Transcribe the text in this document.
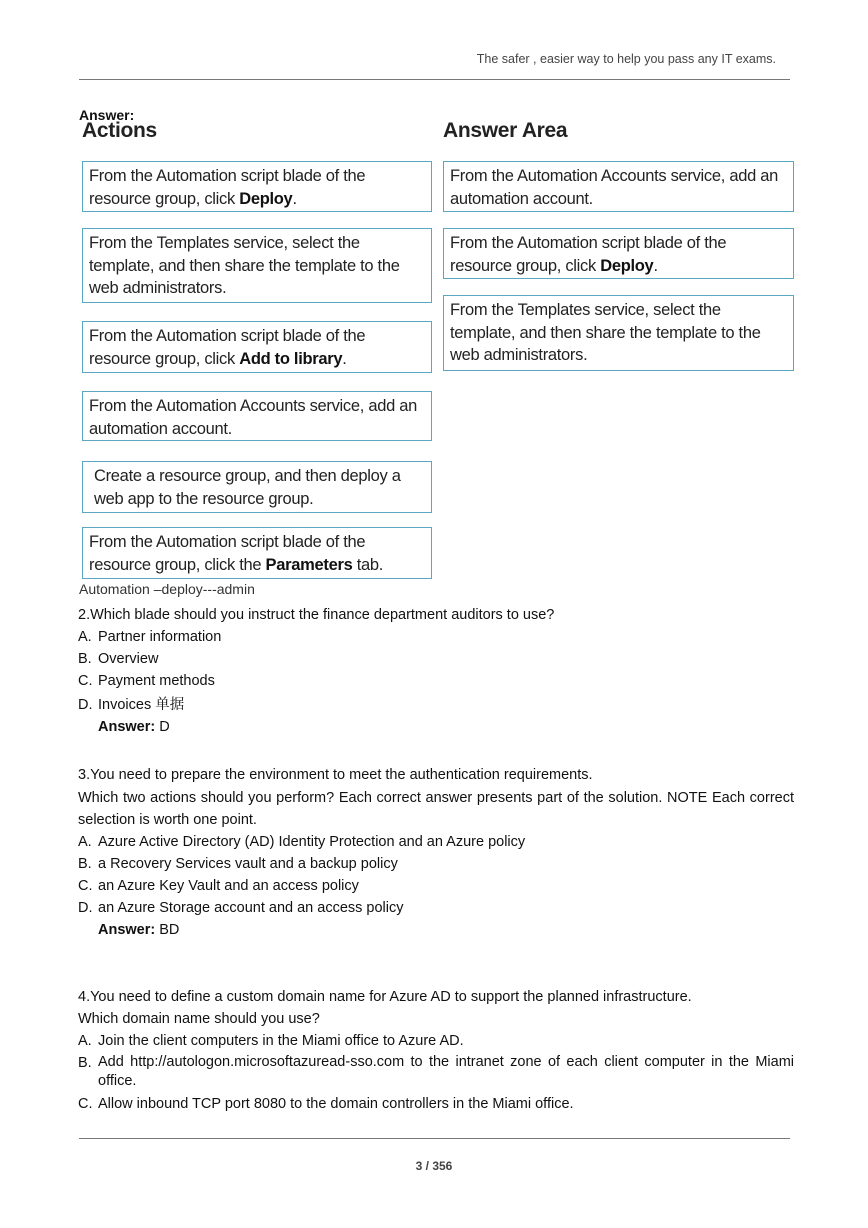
The safer , easier way to help you pass any IT exams.
Answer:
Actions	Answer Area
From the Automation script blade of the resource group, click Deploy.
From the Templates service, select the template, and then share the template to the web administrators.
From the Automation script blade of the resource group, click Add to library.
From the Automation Accounts service, add an automation account.
Create a resource group, and then deploy a web app to the resource group.
From the Automation script blade of the resource group, click the Parameters tab.
From the Automation Accounts service, add an automation account.
From the Automation script blade of the resource group, click Deploy.
From the Templates service, select the template, and then share the template to the web administrators.
Automation –deploy---admin

2.Which blade should you instruct the finance department auditors to use?

A. Partner information
B. Overview
C. Payment methods
D. Invoices 单据

Answer: D

3.You need to prepare the environment to meet the authentication requirements.

Which two actions should you perform? Each correct answer presents part of the solution. NOTE Each correct selection is worth one point.

A. Azure Active Directory (AD) Identity Protection and an Azure policy
B. a Recovery Services vault and a backup policy
C. an Azure Key Vault and an access policy
D. an Azure Storage account and an access policy

Answer: BD

4.You need to define a custom domain name for Azure AD to support the planned infrastructure.

Which domain name should you use?

A. Join the client computers in the Miami office to Azure AD.
B. Add http://autologon.microsoftazuread-sso.com to the intranet zone of each client computer in the Miami office.
C. Allow inbound TCP port 8080 to the domain controllers in the Miami office.
3 / 356
